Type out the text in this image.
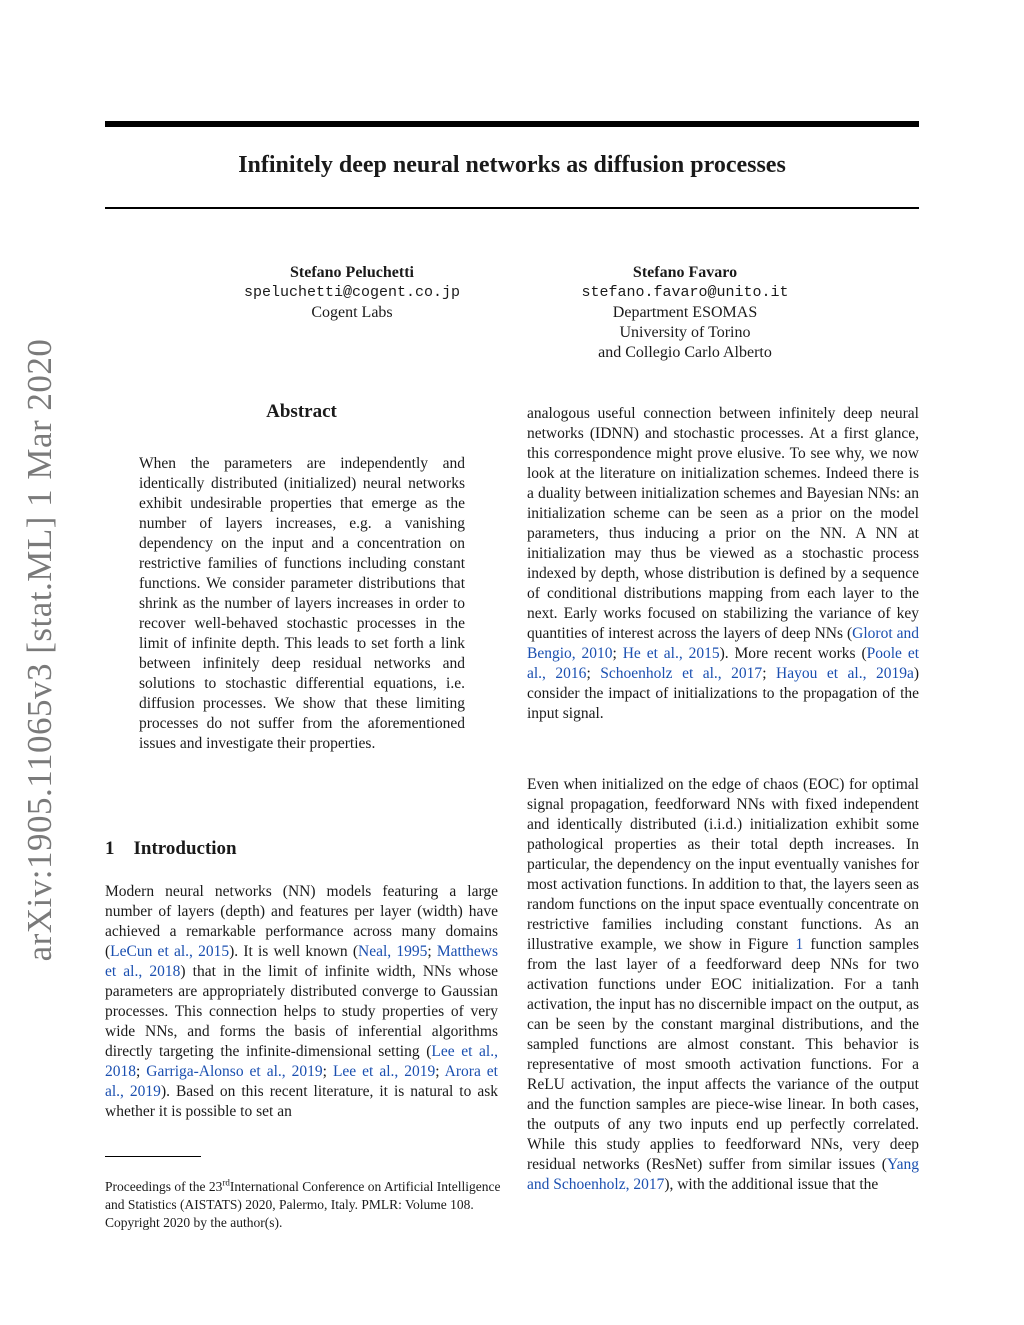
Infinitely deep neural networks as diffusion processes
arXiv:1905.11065v3 [stat.ML] 1 Mar 2020
Stefano Peluchetti
speluchetti@cogent.co.jp
Cogent Labs
Stefano Favaro
stefano.favaro@unito.it
Department ESOMAS
University of Torino
and Collegio Carlo Alberto
Abstract
When the parameters are independently and identically distributed (initialized) neural networks exhibit undesirable properties that emerge as the number of layers increases, e.g. a vanishing dependency on the input and a concentration on restrictive families of functions including constant functions. We consider parameter distributions that shrink as the number of layers increases in order to recover well-behaved stochastic processes in the limit of infinite depth. This leads to set forth a link between infinitely deep residual networks and solutions to stochastic differential equations, i.e. diffusion processes. We show that these limiting processes do not suffer from the aforementioned issues and investigate their properties.
1    Introduction
Modern neural networks (NN) models featuring a large number of layers (depth) and features per layer (width) have achieved a remarkable performance across many domains (LeCun et al., 2015). It is well known (Neal, 1995; Matthews et al., 2018) that in the limit of infinite width, NNs whose parameters are appropriately distributed converge to Gaussian processes. This connection helps to study properties of very wide NNs, and forms the basis of inferential algorithms directly targeting the infinite-dimensional setting (Lee et al., 2018; Garriga-Alonso et al., 2019; Lee et al., 2019; Arora et al., 2019). Based on this recent literature, it is natural to ask whether it is possible to set an
Proceedings of the 23rdInternational Conference on Artificial Intelligence and Statistics (AISTATS) 2020, Palermo, Italy. PMLR: Volume 108. Copyright 2020 by the author(s).
analogous useful connection between infinitely deep neural networks (IDNN) and stochastic processes. At a first glance, this correspondence might prove elusive. To see why, we now look at the literature on initialization schemes. Indeed there is a duality between initialization schemes and Bayesian NNs: an initialization scheme can be seen as a prior on the model parameters, thus inducing a prior on the NN. A NN at initialization may thus be viewed as a stochastic process indexed by depth, whose distribution is defined by a sequence of conditional distributions mapping from each layer to the next. Early works focused on stabilizing the variance of key quantities of interest across the layers of deep NNs (Glorot and Bengio, 2010; He et al., 2015). More recent works (Poole et al., 2016; Schoenholz et al., 2017; Hayou et al., 2019a) consider the impact of initializations to the propagation of the input signal.
Even when initialized on the edge of chaos (EOC) for optimal signal propagation, feedforward NNs with fixed independent and identically distributed (i.i.d.) initialization exhibit some pathological properties as their total depth increases. In particular, the dependency on the input eventually vanishes for most activation functions. In addition to that, the layers seen as random functions on the input space eventually concentrate on restrictive families including constant functions. As an illustrative example, we show in Figure 1 function samples from the last layer of a feedforward deep NNs for two activation functions under EOC initialization. For a tanh activation, the input has no discernible impact on the output, as can be seen by the constant marginal distributions, and the sampled functions are almost constant. This behavior is representative of most smooth activation functions. For a ReLU activation, the input affects the variance of the output and the function samples are piece-wise linear. In both cases, the outputs of any two inputs end up perfectly correlated. While this study applies to feedforward NNs, very deep residual networks (ResNet) suffer from similar issues (Yang and Schoenholz, 2017), with the additional issue that the
